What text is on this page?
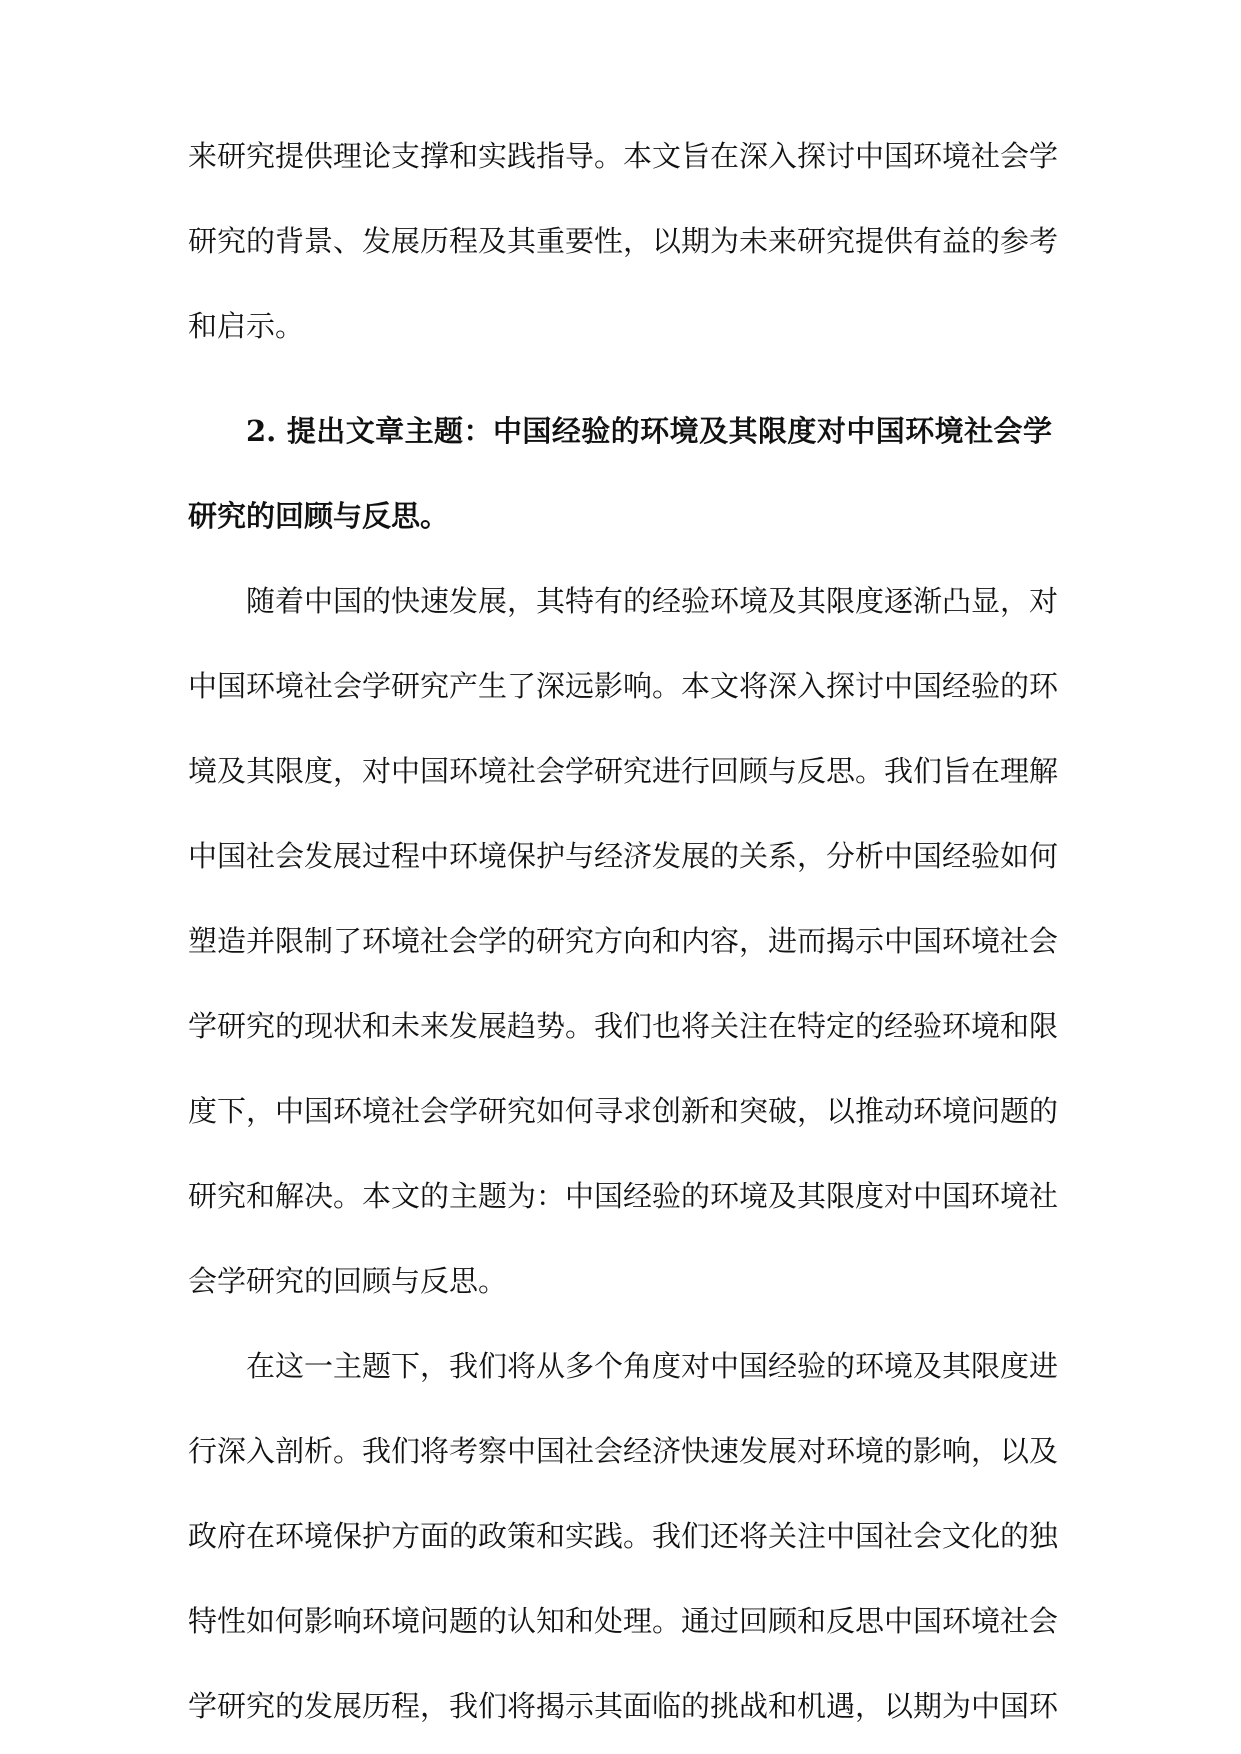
来研究提供理论支撑和实践指导。本文旨在深入探讨中国环境社会学

研究的背景、发展历程及其重要性，以期为未来研究提供有益的参考

和启示。

2. 提出文章主题：中国经验的环境及其限度对中国环境社会学

研究的回顾与反思。

随着中国的快速发展，其特有的经验环境及其限度逐渐凸显，对

中国环境社会学研究产生了深远影响。本文将深入探讨中国经验的环

境及其限度，对中国环境社会学研究进行回顾与反思。我们旨在理解

中国社会发展过程中环境保护与经济发展的关系，分析中国经验如何

塑造并限制了环境社会学的研究方向和内容，进而揭示中国环境社会

学研究的现状和未来发展趋势。我们也将关注在特定的经验环境和限

度下，中国环境社会学研究如何寻求创新和突破，以推动环境问题的

研究和解决。本文的主题为：中国经验的环境及其限度对中国环境社

会学研究的回顾与反思。

在这一主题下，我们将从多个角度对中国经验的环境及其限度进

行深入剖析。我们将考察中国社会经济快速发展对环境的影响，以及

政府在环境保护方面的政策和实践。我们还将关注中国社会文化的独

特性如何影响环境问题的认知和处理。通过回顾和反思中国环境社会

学研究的发展历程，我们将揭示其面临的挑战和机遇，以期为中国环
